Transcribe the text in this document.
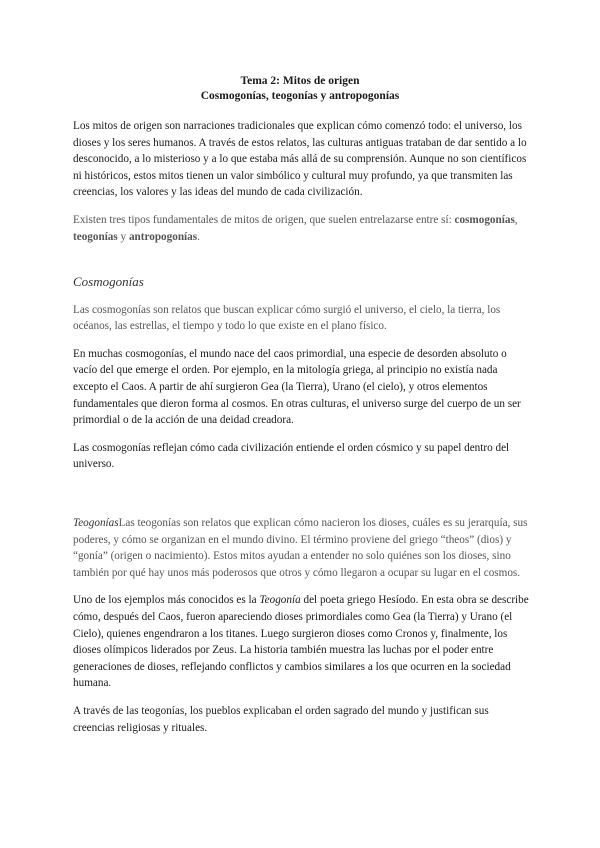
Tema 2: Mitos de origen
Cosmogonías, teogonías y antropogonías

Los mitos de origen son narraciones tradicionales que explican cómo comenzó todo: el universo, los dioses y los seres humanos. A través de estos relatos, las culturas antiguas trataban de dar sentido a lo desconocido, a lo misterioso y a lo que estaba más allá de su comprensión. Aunque no son científicos ni históricos, estos mitos tienen un valor simbólico y cultural muy profundo, ya que transmiten las creencias, los valores y las ideas del mundo de cada civilización.

Existen tres tipos fundamentales de mitos de origen, que suelen entrelazarse entre sí: cosmogonías, teogonías y antropogonías.

Cosmogonías

Las cosmogonías son relatos que buscan explicar cómo surgió el universo, el cielo, la tierra, los océanos, las estrellas, el tiempo y todo lo que existe en el plano físico.

En muchas cosmogonías, el mundo nace del caos primordial, una especie de desorden absoluto o vacío del que emerge el orden. Por ejemplo, en la mitología griega, al principio no existía nada excepto el Caos. A partir de ahí surgieron Gea (la Tierra), Urano (el cielo), y otros elementos fundamentales que dieron forma al cosmos. En otras culturas, el universo surge del cuerpo de un ser primordial o de la acción de una deidad creadora.

Las cosmogonías reflejan cómo cada civilización entiende el orden cósmico y su papel dentro del universo.

TeogoníasLas teogonías son relatos que explican cómo nacieron los dioses, cuáles es su jerarquía, sus poderes, y cómo se organizan en el mundo divino. El término proviene del griego “theos” (dios) y “gonía” (origen o nacimiento). Estos mitos ayudan a entender no solo quiénes son los dioses, sino también por qué hay unos más poderosos que otros y cómo llegaron a ocupar su lugar en el cosmos.

Uno de los ejemplos más conocidos es la Teogonía del poeta griego Hesíodo. En esta obra se describe cómo, después del Caos, fueron apareciendo dioses primordiales como Gea (la Tierra) y Urano (el Cielo), quienes engendraron a los titanes. Luego surgieron dioses como Cronos y, finalmente, los dioses olímpicos liderados por Zeus. La historia también muestra las luchas por el poder entre generaciones de dioses, reflejando conflictos y cambios similares a los que ocurren en la sociedad humana.

A través de las teogonías, los pueblos explicaban el orden sagrado del mundo y justifican sus creencias religiosas y rituales.
